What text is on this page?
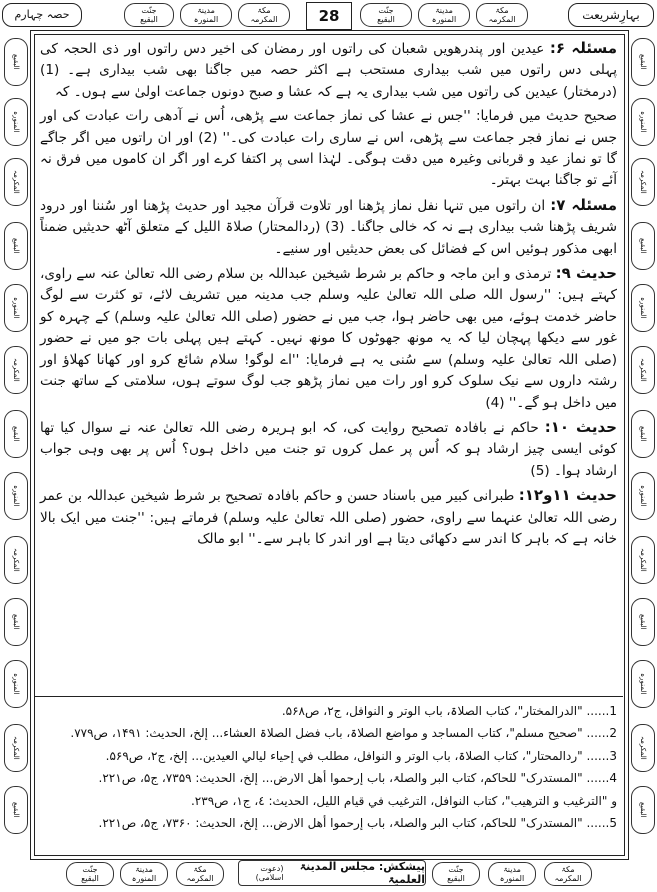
حصہ چہارم	جنّت
البقیع
مدینۃ
المنورہ
مکۃ
المکرمہ	28	جنّت
البقیع
مدینۃ
المنورہ
مکۃ
المکرمہ	بہارِشریعت
البقیع
المنورہ
المکرمہ
البقیع
المنورہ
المکرمہ
البقیع
المنورہ
المکرمہ
البقیع
المنورہ
المکرمہ
البقیع
البقیع
المنورہ
المکرمہ
البقیع
المنورہ
المکرمہ
البقیع
المنورہ
المکرمہ
البقیع
المنورہ
المکرمہ
البقیع

مسئلہ ۶: عیدین اور پندرھویں شعبان کی راتوں اور رمضان کی اخیر دس راتوں اور ذی الحجہ کی پہلی دس راتوں میں شب بیداری مستحب ہے اکثر حصہ میں جاگنا بھی شب بیداری ہے۔ (1) (درمختار) عیدین کی راتوں میں شب بیداری یہ ہے کہ عشا و صبح دونوں جماعت اولیٰ سے ہوں۔ کہ

صحیح حدیث میں فرمایا: ''جس نے عشا کی نماز جماعت سے پڑھی، اُس نے آدھی رات عبادت کی اور جس نے نماز فجر جماعت سے پڑھی، اس نے ساری رات عبادت کی۔'' (2) اور ان راتوں میں اگر جاگے گا تو نماز عید و قربانی وغیرہ میں دقت ہوگی۔ لہٰذا اسی پر اکتفا کرے اور اگر ان کاموں میں فرق نہ آئے تو جاگنا بہت بہتر۔

مسئلہ ۷: ان راتوں میں تنہا نفل نماز پڑھنا اور تلاوت قرآن مجید اور حدیث پڑھنا اور سُننا اور درود شریف پڑھنا شب بیداری ہے نہ کہ خالی جاگنا۔ (3) (ردالمحتار) صلاۃ اللیل کے متعلق آٹھ حدیثیں ضمناً ابھی مذکور ہوئیں اس کے فضائل کی بعض حدیثیں اور سنیے۔

حدیث ۹: ترمذی و ابن ماجہ و حاکم بر شرط شیخین عبداللہ بن سلام رضی اللہ تعالیٰ عنہ سے راوی، کہتے ہیں: ''رسول اللہ صلی اللہ تعالیٰ علیہ وسلم جب مدینہ میں تشریف لائے، تو کثرت سے لوگ حاضر خدمت ہوئے، میں بھی حاضر ہوا، جب میں نے حضور (صلی اللہ تعالیٰ علیہ وسلم) کے چہرہ کو غور سے دیکھا پہچان لیا کہ یہ مونھ جھوٹوں کا مونھ نہیں۔ کہتے ہیں پہلی بات جو میں نے حضور (صلی اللہ تعالیٰ علیہ وسلم) سے سُنی یہ ہے فرمایا: ''اے لوگو! سلام شائع کرو اور کھانا کھلاؤ اور رشتہ داروں سے نیک سلوک کرو اور رات میں نماز پڑھو جب لوگ سوتے ہوں، سلامتی کے ساتھ جنت میں داخل ہو گے۔'' (4)

حدیث ۱۰: حاکم نے بافادہ تصحیح روایت کی، کہ ابو ہریرہ رضی اللہ تعالیٰ عنہ نے سوال کیا تھا کوئی ایسی چیز ارشاد ہو کہ اُس پر عمل کروں تو جنت میں داخل ہوں؟ اُس پر بھی وہی جواب ارشاد ہوا۔ (5)

حدیث ۱۱و۱۲: طبرانی کبیر میں باسناد حسن و حاکم بافادہ تصحیح بر شرط شیخین عبداللہ بن عمر رضی اللہ تعالیٰ عنہما سے راوی، حضور (صلی اللہ تعالیٰ علیہ وسلم) فرماتے ہیں: ''جنت میں ایک بالا خانہ ہے کہ باہر کا اندر سے دکھائی دیتا ہے اور اندر کا باہر سے۔'' ابو مالک

1...... "الدرالمختار"، کتاب الصلاۃ، باب الوتر و النوافل، ج۲، ص۵۶۸.
2...... "صحیح مسلم"، کتاب المساجد و مواضع الصلاۃ، باب فضل الصلاۃ العشاء... إلخ، الحدیث: ۱۴۹۱، ص۷۷۹.
3...... "ردالمحتار"، کتاب الصلاۃ، باب الوتر و النوافل، مطلب في إحیاء لیالي العیدین... إلخ، ج۲، ص۵۶۹.
4...... "المستدرک" للحاکم، کتاب البر والصلۃ، باب إرحموا أھل الارض... إلخ، الحدیث: ۷۳۵۹، ج۵، ص۲۲۱.
و "الترغیب و الترھیب"، کتاب النوافل، الترغیب في قیام اللیل، الحدیث: ٤، ج۱، ص۲۳۹.
5...... "المستدرک" للحاکم، کتاب البر والصلۃ، باب إرحموا أھل الارض... إلخ، الحدیث: ۷۳۶۰، ج۵، ص۲۲۱.
جنّت
البقیع
مدینۃ
المنورہ
مکۃ
المکرمہ
پیشکش: مجلس المدینۃ العلمیۃ

(دعوت اسلامی)
جنّت
البقیع
مدینۃ
المنورہ
مکۃ
المکرمہ
